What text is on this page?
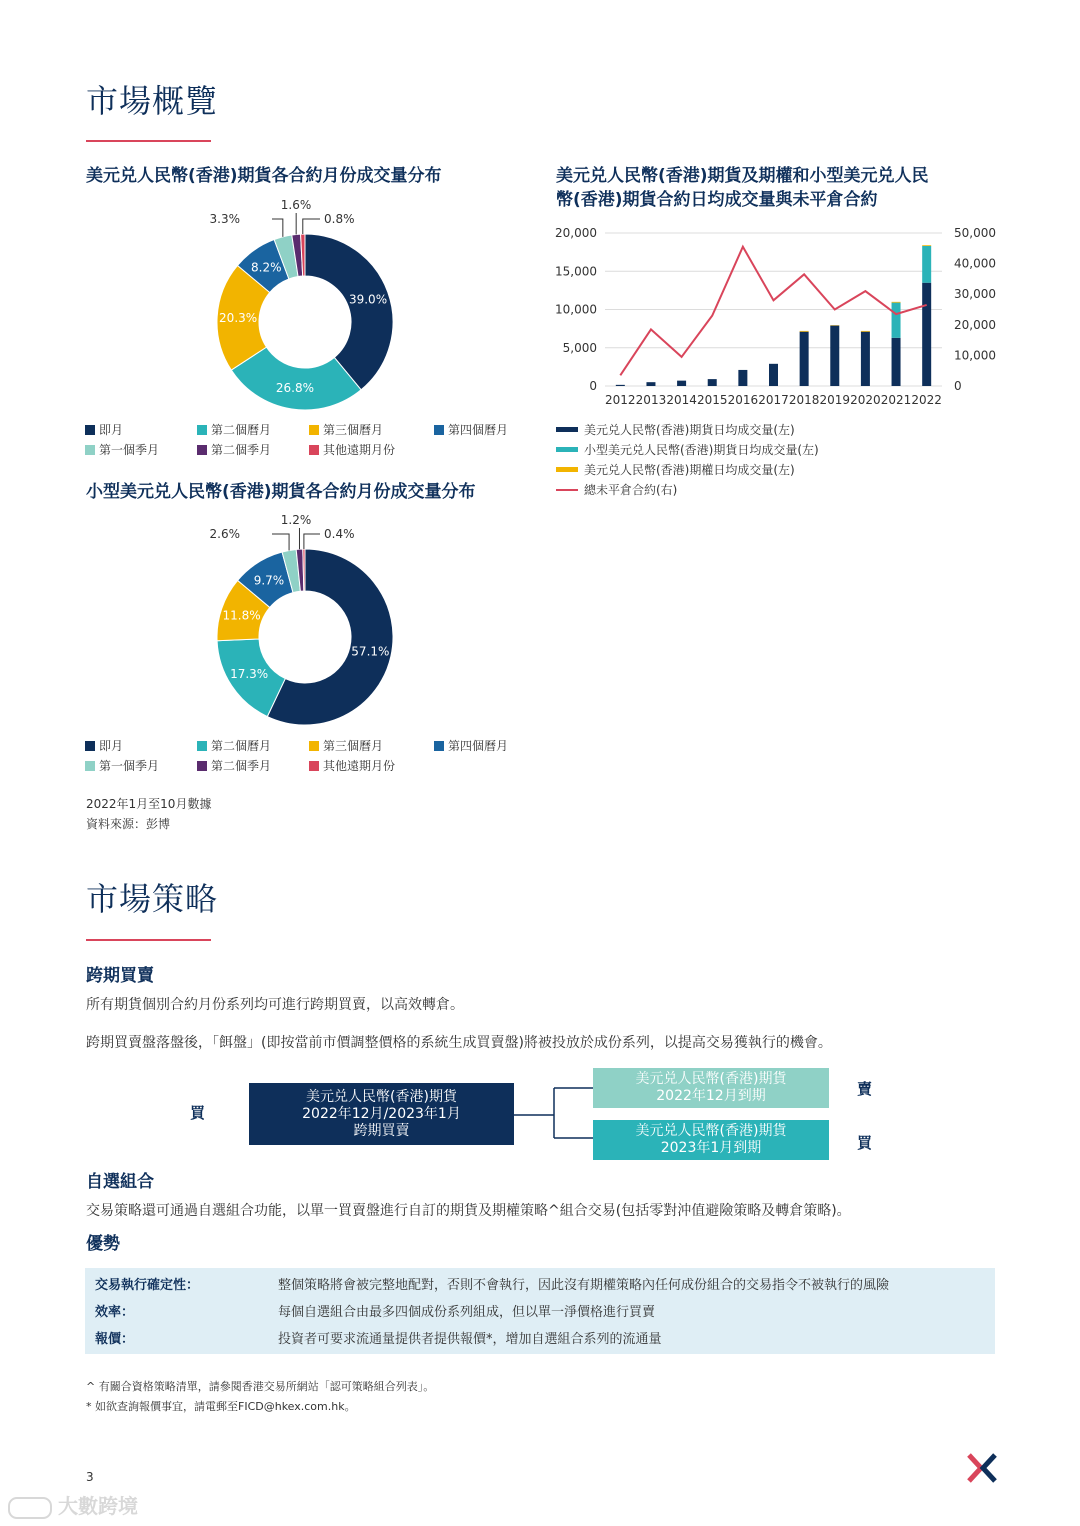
市場概覽
美元兑人民幣(香港)期貨各合約月份成交量分布
39.0%
26.8%
20.3%
8.2%
3.3%
1.6%
0.8%
即月	第二個曆月	第三個曆月	第四個曆月
第一個季月	第二個季月	其他遠期月份
小型美元兑人民幣(香港)期貨各合約月份成交量分布
57.1%
17.3%
11.8%
9.7%
2.6%
1.2%
0.4%
即月	第二個曆月	第三個曆月	第四個曆月
第一個季月	第二個季月	其他遠期月份
2022年1月至10月數據
資料來源：彭博
美元兑人民幣(香港)期貨及期權和小型美元兑人民
幣(香港)期貨合約日均成交量與未平倉合約
0
5,000
10,000
15,000
20,000
0
10,000
20,000
30,000
40,000
50,000
2012 2013 2014 2015 2016 2017 2018 2019 2020 2021 2022
美元兑人民幣(香港)期貨日均成交量(左)
小型美元兑人民幣(香港)期貨日均成交量(左)
美元兑人民幣(香港)期權日均成交量(左)
總未平倉合約(右)
市場策略
跨期買賣
所有期貨個別合約月份系列均可進行跨期買賣，以高效轉倉。
跨期買賣盤落盤後，「餌盤」(即按當前市價調整價格的系統生成買賣盤)將被投放於成份系列，以提高交易獲執行的機會。
買
美元兑人民幣(香港)期貨
2022年12月/2023年1月
跨期買賣
美元兑人民幣(香港)期貨
2022年12月到期
美元兑人民幣(香港)期貨
2023年1月到期
賣
買
自選組合
交易策略還可通過自選組合功能，以單一買賣盤進行自訂的期貨及期權策略^組合交易(包括零對沖值避險策略及轉倉策略)。
優勢
交易執行確定性：	整個策略將會被完整地配對，否則不會執行，因此沒有期權策略內任何成份組合的交易指令不被執行的風險
效率：	每個自選組合由最多四個成份系列組成，但以單一淨價格進行買賣
報價：	投資者可要求流通量提供者提供報價*，增加自選組合系列的流通量
^ 有關合資格策略清單，請參閱香港交易所網站「認可策略組合列表」。
* 如欲查詢報價事宜，請電郵至FICD@hkex.com.hk。
3
大數跨境
